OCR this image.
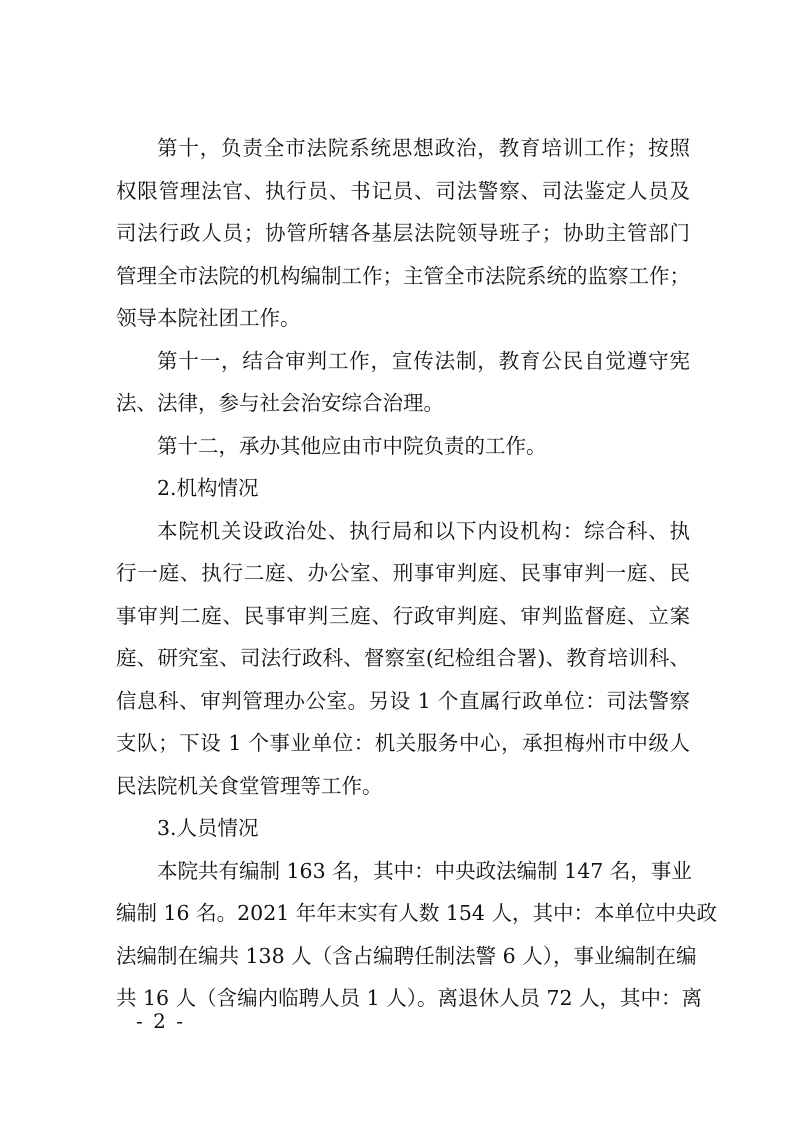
第十，负责全市法院系统思想政治，教育培训工作；按照
权限管理法官、执行员、书记员、司法警察、司法鉴定人员及
司法行政人员；协管所辖各基层法院领导班子；协助主管部门
管理全市法院的机构编制工作；主管全市法院系统的监察工作；
领导本院社团工作。
第十一，结合审判工作，宣传法制，教育公民自觉遵守宪
法、法律，参与社会治安综合治理。
第十二，承办其他应由市中院负责的工作。
2.机构情况
本院机关设政治处、执行局和以下内设机构：综合科、执
行一庭、执行二庭、办公室、刑事审判庭、民事审判一庭、民
事审判二庭、民事审判三庭、行政审判庭、审判监督庭、立案
庭、研究室、司法行政科、督察室(纪检组合署)、教育培训科、
信息科、审判管理办公室。另设 1 个直属行政单位：司法警察
支队；下设 1 个事业单位：机关服务中心，承担梅州市中级人
民法院机关食堂管理等工作。
3.人员情况
本院共有编制 163 名，其中：中央政法编制 147 名，事业
编制 16 名。2021 年年末实有人数 154 人，其中：本单位中央政
法编制在编共 138 人（含占编聘任制法警 6 人），事业编制在编
共 16 人（含编内临聘人员 1 人）。离退休人员 72 人，其中：离
- 2 -
